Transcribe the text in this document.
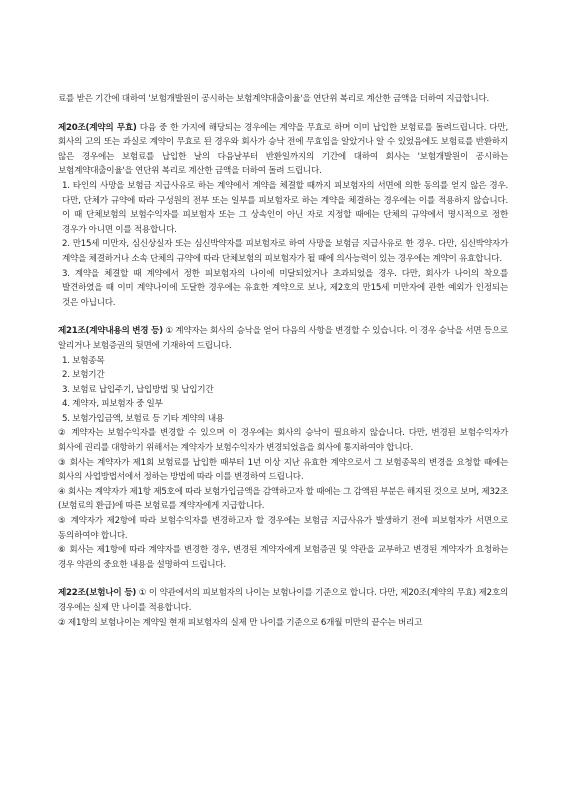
료를 받은 기간에 대하여 '보험개발원이 공시하는 보험계약대출이율'을 연단위 복리로 계산한 금액을 더하여 지급합니다.

제20조(계약의 무효) 다음 중 한 가지에 해당되는 경우에는 계약을 무효로 하며 이미 납입한 보험료를 돌려드립니다. 다만, 회사의 고의 또는 과실로 계약이 무효로 된 경우와 회사가 승낙 전에 무효임을 알았거나 알 수 있었음에도 보험료를 반환하지 않은 경우에는 보험료를 납입한 날의 다음날부터 반환일까지의 기간에 대하여 회사는 '보험개발원이 공시하는 보험계약대출이율'을 연단위 복리로 계산한 금액을 더하여 돌려 드립니다.

1. 타인의 사망을 보험금 지급사유로 하는 계약에서 계약을 체결할 때까지 피보험자의 서면에 의한 동의를 얻지 않은 경우. 다만, 단체가 규약에 따라 구성원의 전부 또는 일부를 피보험자로 하는 계약을 체결하는 경우에는 이를 적용하지 않습니다. 이 때 단체보험의 보험수익자를 피보험자 또는 그 상속인이 아닌 자로 지정할 때에는 단체의 규약에서 명시적으로 정한 경우가 아니면 이를 적용합니다.

2. 만15세 미만자, 심신상실자 또는 심신박약자를 피보험자로 하여 사망을 보험금 지급사유로 한 경우. 다만, 심신박약자가 계약을 체결하거나 소속 단체의 규약에 따라 단체보험의 피보험자가 될 때에 의사능력이 있는 경우에는 계약이 유효합니다.

3. 계약을 체결할 때 계약에서 정한 피보험자의 나이에 미달되었거나 초과되었을 경우. 다만, 회사가 나이의 착오를 발견하였을 때 이미 계약나이에 도달한 경우에는 유효한 계약으로 보나, 제2호의 만15세 미만자에 관한 예외가 인정되는 것은 아닙니다.

제21조(계약내용의 변경 등) ① 계약자는 회사의 승낙을 얻어 다음의 사항을 변경할 수 있습니다. 이 경우 승낙을 서면 등으로 알리거나 보험증권의 뒷면에 기재하여 드립니다.

1. 보험종목

2. 보험기간

3. 보험료 납입주기, 납입방법 및 납입기간

4. 계약자, 피보험자 중 일부

5. 보험가입금액, 보험료 등 기타 계약의 내용

② 계약자는 보험수익자를 변경할 수 있으며 이 경우에는 회사의 승낙이 필요하지 않습니다. 다만, 변경된 보험수익자가 회사에 권리를 대항하기 위해서는 계약자가 보험수익자가 변경되었음을 회사에 통지하여야 합니다.

③ 회사는 계약자가 제1회 보험료를 납입한 때부터 1년 이상 지난 유효한 계약으로서 그 보험종목의 변경을 요청할 때에는 회사의 사업방법서에서 정하는 방법에 따라 이를 변경하여 드립니다.

④ 회사는 계약자가 제1항 제5호에 따라 보험가입금액을 감액하고자 할 때에는 그 감액된 부분은 해지된 것으로 보며, 제32조(보험료의 환급)에 따른 보험료를 계약자에게 지급합니다.

⑤ 계약자가 제2항에 따라 보험수익자를 변경하고자 할 경우에는 보험금 지급사유가 발생하기 전에 피보험자가 서면으로 동의하여야 합니다.

⑥ 회사는 제1항에 따라 계약자를 변경한 경우, 변경된 계약자에게 보험증권 및 약관을 교부하고 변경된 계약자가 요청하는 경우 약관의 중요한 내용을 설명하여 드립니다.

제22조(보험나이 등) ① 이 약관에서의 피보험자의 나이는 보험나이를 기준으로 합니다. 다만, 제20조(계약의 무효) 제2호의 경우에는 실제 만 나이를 적용합니다.

② 제1항의 보험나이는 계약일 현재 피보험자의 실제 만 나이를 기준으로 6개월 미만의 끝수는 버리고
